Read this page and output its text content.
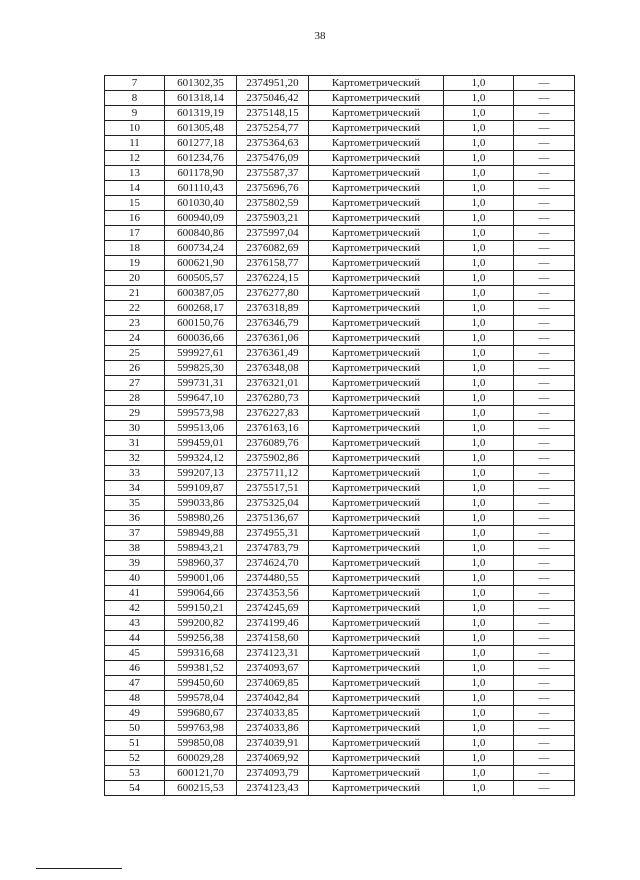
38
7	601302,35	2374951,20	Картометрический	1,0	—
8	601318,14	2375046,42	Картометрический	1,0	—
9	601319,19	2375148,15	Картометрический	1,0	—
10	601305,48	2375254,77	Картометрический	1,0	—
11	601277,18	2375364,63	Картометрический	1,0	—
12	601234,76	2375476,09	Картометрический	1,0	—
13	601178,90	2375587,37	Картометрический	1,0	—
14	601110,43	2375696,76	Картометрический	1,0	—
15	601030,40	2375802,59	Картометрический	1,0	—
16	600940,09	2375903,21	Картометрический	1,0	—
17	600840,86	2375997,04	Картометрический	1,0	—
18	600734,24	2376082,69	Картометрический	1,0	—
19	600621,90	2376158,77	Картометрический	1,0	—
20	600505,57	2376224,15	Картометрический	1,0	—
21	600387,05	2376277,80	Картометрический	1,0	—
22	600268,17	2376318,89	Картометрический	1,0	—
23	600150,76	2376346,79	Картометрический	1,0	—
24	600036,66	2376361,06	Картометрический	1,0	—
25	599927,61	2376361,49	Картометрический	1,0	—
26	599825,30	2376348,08	Картометрический	1,0	—
27	599731,31	2376321,01	Картометрический	1,0	—
28	599647,10	2376280,73	Картометрический	1,0	—
29	599573,98	2376227,83	Картометрический	1,0	—
30	599513,06	2376163,16	Картометрический	1,0	—
31	599459,01	2376089,76	Картометрический	1,0	—
32	599324,12	2375902,86	Картометрический	1,0	—
33	599207,13	2375711,12	Картометрический	1,0	—
34	599109,87	2375517,51	Картометрический	1,0	—
35	599033,86	2375325,04	Картометрический	1,0	—
36	598980,26	2375136,67	Картометрический	1,0	—
37	598949,88	2374955,31	Картометрический	1,0	—
38	598943,21	2374783,79	Картометрический	1,0	—
39	598960,37	2374624,70	Картометрический	1,0	—
40	599001,06	2374480,55	Картометрический	1,0	—
41	599064,66	2374353,56	Картометрический	1,0	—
42	599150,21	2374245,69	Картометрический	1,0	—
43	599200,82	2374199,46	Картометрический	1,0	—
44	599256,38	2374158,60	Картометрический	1,0	—
45	599316,68	2374123,31	Картометрический	1,0	—
46	599381,52	2374093,67	Картометрический	1,0	—
47	599450,60	2374069,85	Картометрический	1,0	—
48	599578,04	2374042,84	Картометрический	1,0	—
49	599680,67	2374033,85	Картометрический	1,0	—
50	599763,98	2374033,86	Картометрический	1,0	—
51	599850,08	2374039,91	Картометрический	1,0	—
52	600029,28	2374069,92	Картометрический	1,0	—
53	600121,70	2374093,79	Картометрический	1,0	—
54	600215,53	2374123,43	Картометрический	1,0	—
